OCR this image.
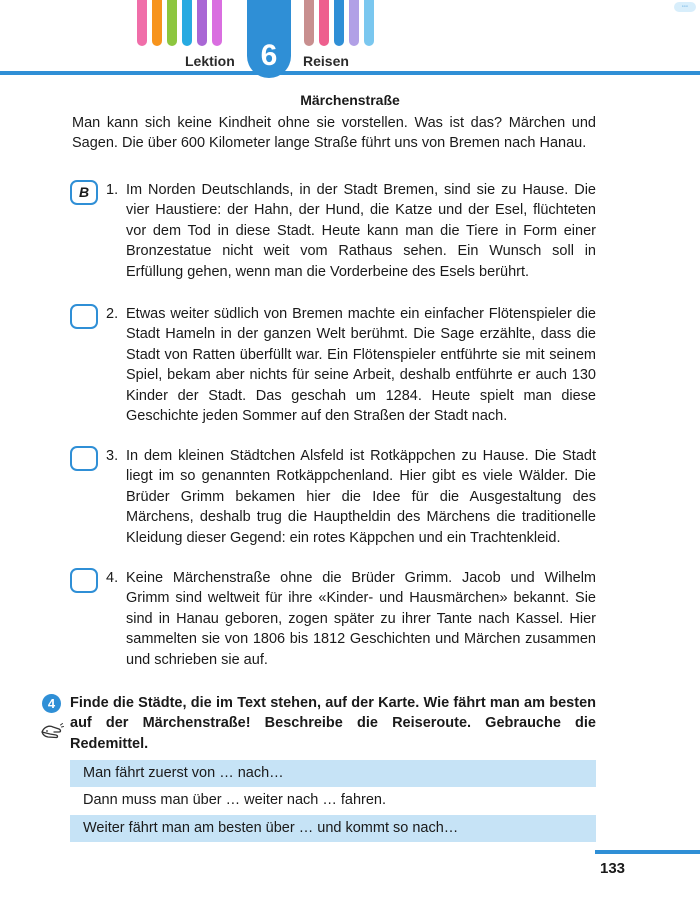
6
Lektion	Reisen
◦◦◦
Märchenstraße

Man kann sich keine Kindheit ohne sie vorstellen. Was ist das? Märchen und Sagen. Die über 600 Kilometer lange Straße führt uns von Bremen nach Hanau.

B	1. Im Norden Deutschlands, in der Stadt Bremen, sind sie zu Hause. Die vier Haustiere: der Hahn, der Hund, die Katze und der Esel, flüchteten vor dem Tod in diese Stadt. Heute kann man die Tiere in Form einer Bronzestatue nicht weit vom Rathaus sehen. Ein Wunsch soll in Erfüllung gehen, wenn man die Vorderbeine des Esels berührt.

2. Etwas weiter südlich von Bremen machte ein einfacher Flötenspieler die Stadt Hameln in der ganzen Welt berühmt. Die Sage erzählte, dass die Stadt von Ratten überfüllt war. Ein Flötenspieler entführte sie mit seinem Spiel, bekam aber nichts für seine Arbeit, deshalb entführte er auch 130 Kinder der Stadt. Das geschah um 1284. Heute spielt man diese Geschichte jeden Sommer auf den Straßen der Stadt nach.

3. In dem kleinen Städtchen Alsfeld ist Rotkäppchen zu Hause. Die Stadt liegt im so genannten Rotkäppchenland. Hier gibt es viele Wälder. Die Brüder Grimm bekamen hier die Idee für die Ausgestaltung des Märchens, deshalb trug die Hauptheldin des Märchens die traditionelle Kleidung dieser Gegend: ein rotes Käppchen und ein Trachtenkleid.

4. Keine Märchenstraße ohne die Brüder Grimm. Jacob und Wilhelm Grimm sind weltweit für ihre «Kinder- und Hausmärchen» bekannt. Sie sind in Hanau geboren, zogen später zu ihrer Tante nach Kassel. Hier sammelten sie von 1806 bis 1812 Geschichten und Märchen zusammen und schrieben sie auf.

4	Finde die Städte, die im Text stehen, auf der Karte. Wie fährt man am besten auf der Märchenstraße! Beschreibe die Reiseroute. Gebrauche die Redemittel.

Man fährt zuerst von … nach…
Dann muss man über … weiter nach … fahren.
Weiter fährt man am besten über … und kommt so nach…
133
